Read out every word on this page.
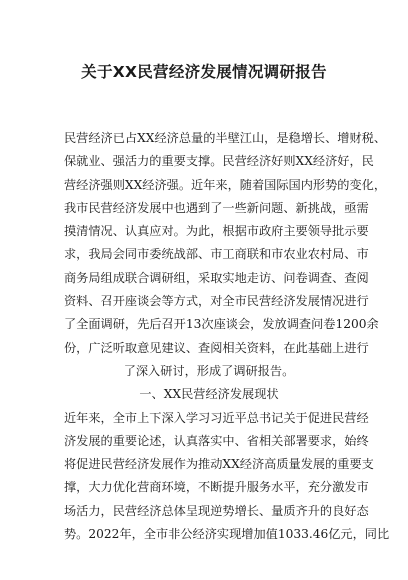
关于XX民营经济发展情况调研报告
民营经济已占XX经济总量的半壁江山，是稳增长、增财税、
保就业、强活力的重要支撑。民营经济好则XX经济好，民
营经济强则XX经济强。近年来，随着国际国内形势的变化，
我市民营经济发展中也遇到了一些新问题、新挑战，亟需
摸清情况、认真应对。为此，根据市政府主要领导批示要
求，我局会同市委统战部、市工商联和市农业农村局、市
商务局组成联合调研组，采取实地走访、问卷调查、查阅
资料、召开座谈会等方式，对全市民营经济发展情况进行
了全面调研，先后召开13次座谈会，发放调查问卷1200余
份，广泛听取意见建议、查阅相关资料，在此基础上进行
了深入研讨，形成了调研报告。
一、XX民营经济发展现状
近年来，全市上下深入学习习近平总书记关于促进民营经
济发展的重要论述，认真落实中、省相关部署要求，始终
将促进民营经济发展作为推动XX经济高质量发展的重要支
撑，大力优化营商环境，不断提升服务水平，充分激发市
场活力，民营经济总体呈现逆势增长、量质齐升的良好态
势。2022年，全市非公经济实现增加值1033.46亿元，同比
